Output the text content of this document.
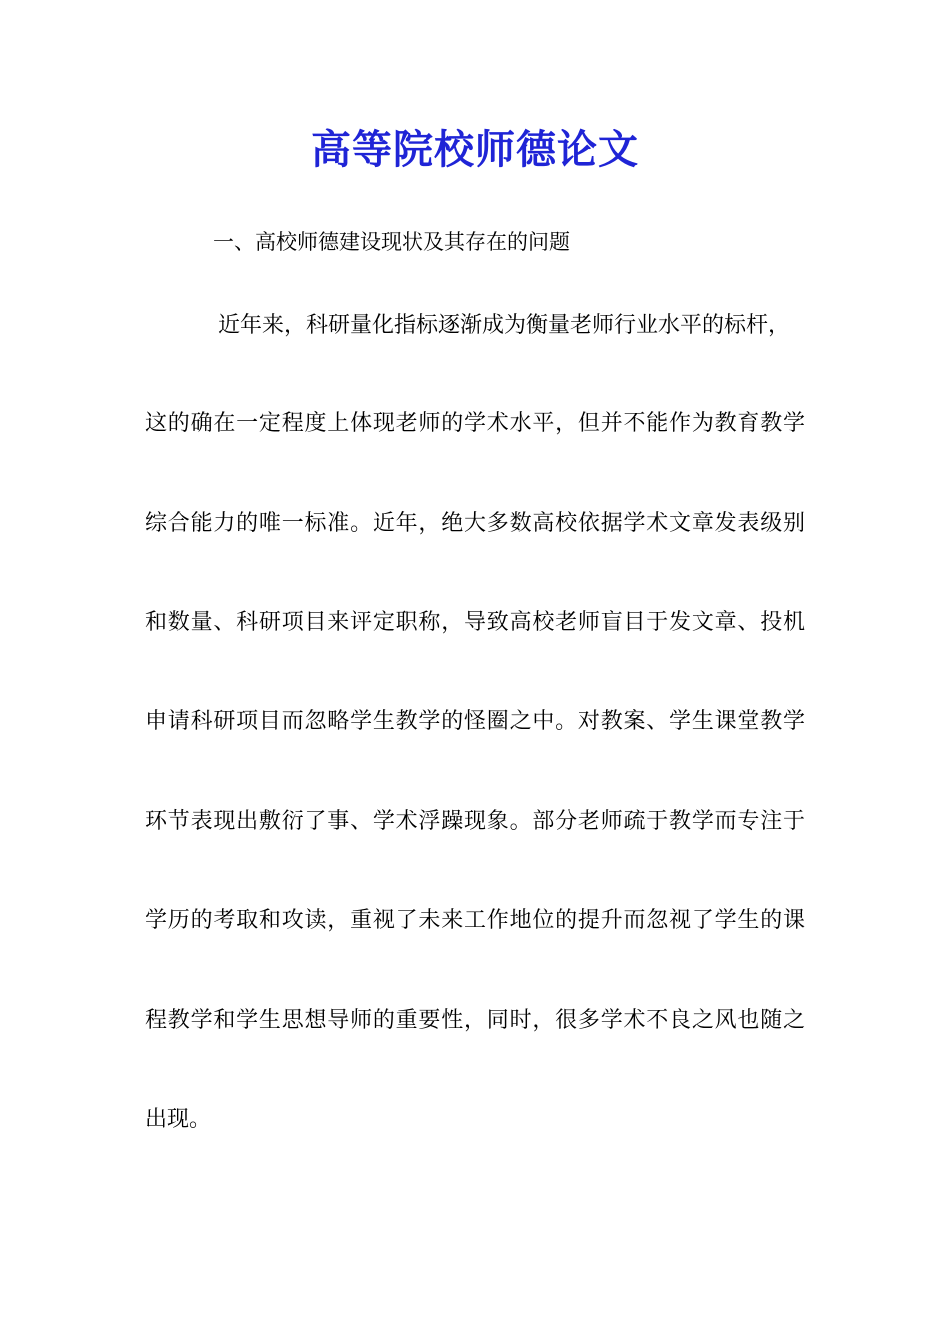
高等院校师德论文
一、高校师德建设现状及其存在的问题
近年来，科研量化指标逐渐成为衡量老师行业水平的标杆，
这的确在一定程度上体现老师的学术水平，但并不能作为教育教学
综合能力的唯一标准。近年，绝大多数高校依据学术文章发表级别
和数量、科研项目来评定职称，导致高校老师盲目于发文章、投机
申请科研项目而忽略学生教学的怪圈之中。对教案、学生课堂教学
环节表现出敷衍了事、学术浮躁现象。部分老师疏于教学而专注于
学历的考取和攻读，重视了未来工作地位的提升而忽视了学生的课
程教学和学生思想导师的重要性，同时，很多学术不良之风也随之
出现。
